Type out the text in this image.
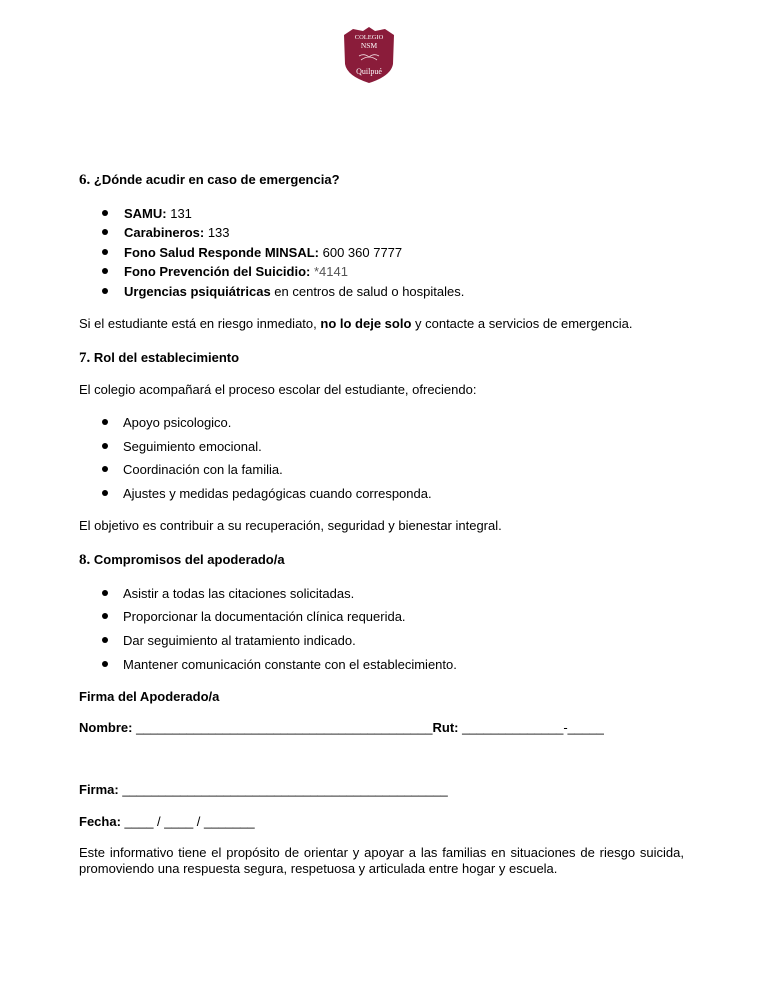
COLEGIO
NSM
Quilpué
6. ¿Dónde acudir en caso de emergencia?
SAMU: 131
Carabineros: 133
Fono Salud Responde MINSAL: 600 360 7777
Fono Prevención del Suicidio: *4141
Urgencias psiquiátricas en centros de salud o hospitales.
Si el estudiante está en riesgo inmediato, no lo deje solo y contacte a servicios de emergencia.
7. Rol del establecimiento
El colegio acompañará el proceso escolar del estudiante, ofreciendo:
Apoyo psicologico.
Seguimiento emocional.
Coordinación con la familia.
Ajustes y medidas pedagógicas cuando corresponda.
El objetivo es contribuir a su recuperación, seguridad y bienestar integral.
8. Compromisos del apoderado/a
Asistir a todas las citaciones solicitadas.
Proporcionar la documentación clínica requerida.
Dar seguimiento al tratamiento indicado.
Mantener comunicación constante con el establecimiento.
Firma del Apoderado/a
Nombre: _________________________________________Rut: ______________-_____
Firma: _____________________________________________
Fecha: ____ / ____ / _______
Este informativo tiene el propósito de orientar y apoyar a las familias en situaciones de riesgo suicida, promoviendo una respuesta segura, respetuosa y articulada entre hogar y escuela.
